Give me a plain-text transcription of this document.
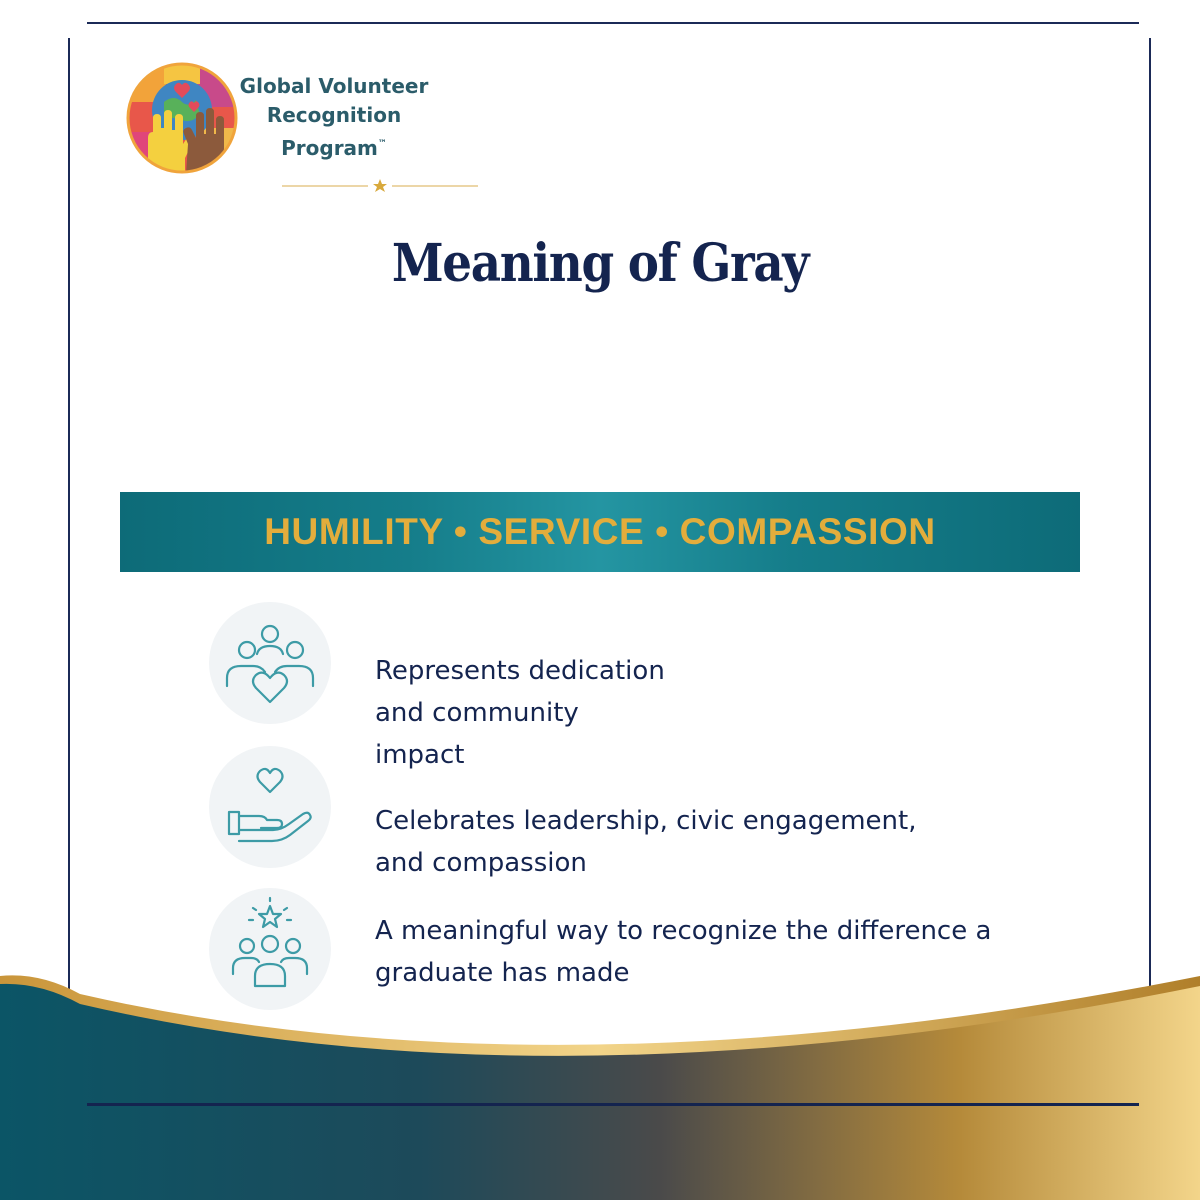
Global Volunteer
Recognition
Program™
Meaning of Gray
HUMILITY • SERVICE • COMPASSION
Represents dedication
and community
impact
Celebrates leadership, civic engagement,
and compassion
A meaningful way to recognize the difference a
graduate has made
